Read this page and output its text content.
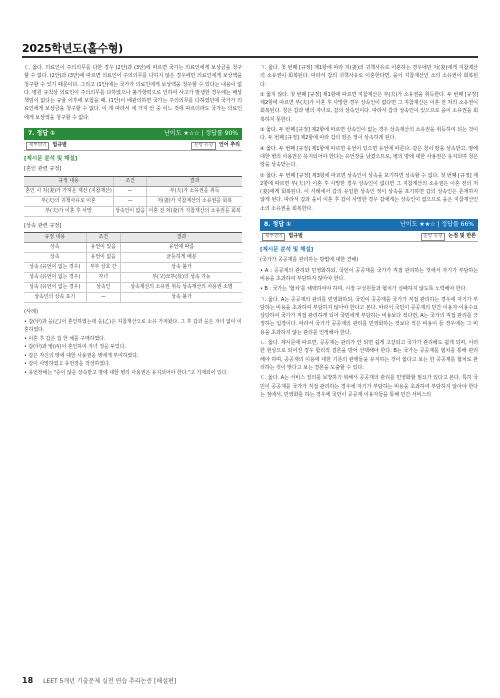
2025학년도(홀수형)

ㄷ. 옳다. 의료인이 주의의무를 다한 경우 (2안)과 (3안)에 따르면 국가는 의료인에게 보상금을 청구할 수 없다. (2안)과 (3안)에 따르면 의료인이 주의의무를 다하지 않은 경우에만 의료인에게 보상액을 청구할 수 있기 때문이다. 그리고 (1안)에는 국가가 의료인에게 보상액을 청구할 수 있다는 내용이 없다. 병원 규칙상 의료인이 주의의무를 다하였으나 불가항력으로 인하여 사고가 발생한 경우에는 배상책임이 없다는 규율 이후에 보험을 때. (1안)이 배관의하면 국가는 주의의무를 다하였던에 국가가 의료인에게 보상금을 청구할 수 없다. 이 개 따라서 세 가지 안 중 어느 것에 따르더라도 국가는 의료인에게 보상액을 청구할 수 없다.

7. 정답 ①	난이도 ★☆☆ | 정답률 90%
세부영역 법규범	문항 유형 언어 추리
[제시문 분석 및 해설]
[혼인 관련 규정]
규정 내용	조건	결과
혼인 시 처(妻)가 가져온 재산 (지참재산)	—	부(夫)가 소유권을 취득
부(夫)의 귀책사유로 이혼	—	처(妻)가 지참재산의 소유권을 회복
부(夫)가 이혼 후 사망	상속인이 없음	이혼 전 처(妻)가 지참재산의 소유권을 회복
[상속 관련 규정]
규정 내용	조건	결과
상속	유언이 있음	유언에 따름
상속	유언이 없음	균등하게 배분
상속 (유언이 없는 경우)	부부 상호 간	상속 불가
상속 (유언이 없는 경우)	자녀	부(父)모부(母)의 상속 가능
상속 (유언이 없는 경우)	상속인	상속재산의 소유권 취득 상속재산의 사용권 소멸
상속인의 상속 포기	—	상속 불가
(사례)
• 갑(甲)과 을(乙)이 혼인하였는데 을(乙)은 지참재산으로 소유 가져왔다. 그 후 갑과 을은 자녀 없이 이혼하였다.
• 이혼 후 갑은 집 한 채를 구매하였다.
• 갑(甲)과 병(丙)이 혼인하여 자녀 정을 두었다.
• 갑은 자신의 땅에 대한 사용권을 병에게 부여하였다.
• 갑이 사망하였고 유언장을 작성하였다.
• 유언장에는 "증이 않을 상속받고 땅에 대한 병의 사용권은 유지되어야 한다."고 기재되어 있다.

ㄱ. 옳다. 첫 번째 [규정] 제1항에 따라 처(妻)의 귀책사유로 이혼하는 경우에만 처(妻)에게 지참재산의 소유권이 회복된다. 따라서 갑의 귀책사유로 이혼한다면, 을이 지참재산인 소의 소유권이 회복된다.

② 옳지 않다. 첫 번째 [규정] 제1항에 따르면 지참재산은 부(夫)가 소유권을 취득한다. 두 번째 [규정] 제2항에 따르면 부(夫)가 이혼 후 사망한 경우 상속인이 없다면 그 지참재산은 이혼 전 처의 소유권이 회복된다. 청은 갑과 병의 자녀로, 갑의 상속인이다. 따라서 갑의 상속인이 있으므로 을이 소유권을 회복하지 못한다.

③ 옳다. 두 번째 [규정] 제2항에 따르면 상속인이 없는 경우 상속재산의 소유권을 취득하여 되는 것이다. 두 번째 [규정] 제2항에 따라 갑의 땅은 정이 상속하게 된다.

④ 옳다. 두 번째 [규정] 제1항에 따르면 유언이 있으면 유언에 따른다. 갑은 청이 땅을 상속받고, 땅에 대한 병의 사용권은 유지되어야 한다는 유언장을 남겼으므로, 병의 땅에 대한 사용권은 유지되며 청은 땅을 상속받는다.

⑤ 옳다. 두 번째 [규정] 제3항에 따르면 상속인이 상속을 포기하면 상속할 수 없다. 첫 번째 [규정] 제2항에 따르면 부(夫)가 이혼 후 사망한 경우 상속인이 없다면 그 지참재산의 소유권은 이혼 전의 처(妻)에게 회복된다. 이 사례에서 갑의 유일한 상속인 정이 상속을 포기하면 갑의 상속인은 존재하지 않게 된다. 따라서 갑과 을이 이혼 후 갑이 사망한 경우 갑에게는 상속인이 없으므로 을은 지참재산인 소의 소유권을 회복한다.

8. 정답 ①	난이도 ★★☆ | 정답률 66%
세부영역 법규범	문항 유형 논점 및 반론
[제시문 분석 및 해설]

(국가가 공공재를 관리하는 방법에 대한 견해)

• A : 공공재의 관리와 민영화하되, 국민이 공공재를 국가가 직접 관리하는 것에서 자기가 부담하는 비용을 초과하여 부담하지 않아야 한다.

• B : 국가는 '협치'를 채택하여야 하며, 시장 구성원들과 협치가 실패하지 않도록 노력해야 한다.

ㄱ. 옳다. A는 공공재의 관리를 민영화하되, 국민이 공공재를 국가가 직접 관리하는 경우에 자기가 부담하는 비용을 초과하여 부담하지 않아야 한다고 본다. 따라서 국민이 공공재의 민간 이용자 이용수요 상당하여 국가가 직접 관리하게 되어 국민에게 부담하는 비용보다 적다면, A는 국가의 직접 관리를 긍정하는 입장이다. 따라서 국가가 공공재의 관리를 민영화하는 것보다 적은 비용이 들 경우에는 그 비용을 초과하지 않는 관리를 인정해야 한다.

ㄴ. 옳다. 제시문에 따르면, 공공재는 관리가 안 되면 쉽게 고갈되고 국가가 관리해도 쉽게 되며, 이러한 현상으로 되어진 경우 합리적 결론을 방어 선택해야 한다. B는 국가는 공공재를 협치를 통해 관리해야 하며, 공공재의 이용에 대한 기존의 관행들을 유지하는 것이 옳다고 보는 한 공공재를 협치로 관리하는 것이 맞다고 보는 결론을 도출할 수 있다.

ㄷ. 옳다. A는 서비스 질의를 보장하기 위해서 공공재의 관리를 민영화할 필요가 있다고 본다. 특히 국민이 공공재를 국가가 직접 관리하는 경우에 자기가 부담하는 비용을 초과하여 부담하지 않아야 한다는 점에서, 민영화를 하는 경우에 국민이 공공재 이용자들을 통해 민간 서비스의

18 LEET 5개년 기출문제 실전 연습 추리논증 [해설편]
